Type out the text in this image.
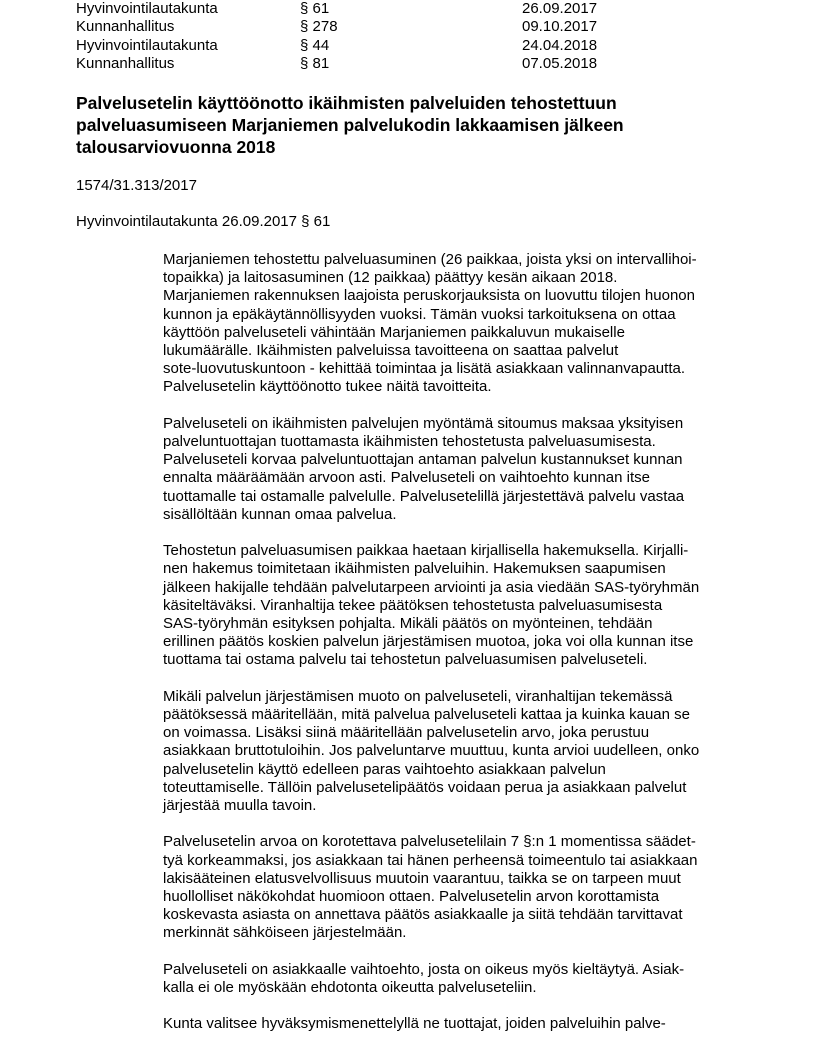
Hyvinvointilautakunta	§ 61	26.09.2017
Kunnanhallitus	§ 278	09.10.2017
Hyvinvointilautakunta	§ 44	24.04.2018
Kunnanhallitus	§ 81	07.05.2018
Palvelusetelin käyttöönotto ikäihmisten palveluiden tehostettuun
palveluasumiseen Marjaniemen palvelukodin lakkaamisen jälkeen
talousarviovuonna 2018
1574/31.313/2017
Hyvinvointilautakunta 26.09.2017 § 61
Marjaniemen tehostettu palveluasuminen (26 paikkaa, joista yksi on intervallihoi-
topaikka) ja laitosasuminen (12 paikkaa) päättyy kesän aikaan 2018.
Marjaniemen rakennuksen laajoista peruskorjauksista on luovuttu tilojen huonon
kunnon ja epäkäytännöllisyyden vuoksi. Tämän vuoksi tarkoituksena on ottaa
käyttöön palveluseteli vähintään Marjaniemen paikkaluvun mukaiselle
lukumäärälle. Ikäihmisten palveluissa tavoitteena on saattaa palvelut
sote-luovutuskuntoon - kehittää toimintaa ja lisätä asiakkaan valinnanvapautta.
Palvelusetelin käyttöönotto tukee näitä tavoitteita.
Palveluseteli on ikäihmisten palvelujen myöntämä sitoumus maksaa yksityisen
palveluntuottajan tuottamasta ikäihmisten tehostetusta palveluasumisesta.
Palveluseteli korvaa palveluntuottajan antaman palvelun kustannukset kunnan
ennalta määräämään arvoon asti. Palveluseteli on vaihtoehto kunnan itse
tuottamalle tai ostamalle palvelulle. Palvelusetelillä järjestettävä palvelu vastaa
sisällöltään kunnan omaa palvelua.
Tehostetun palveluasumisen paikkaa haetaan kirjallisella hakemuksella. Kirjalli-
nen hakemus toimitetaan ikäihmisten palveluihin. Hakemuksen saapumisen
jälkeen hakijalle tehdään palvelutarpeen arviointi ja asia viedään SAS-työryhmän
käsiteltäväksi. Viranhaltija tekee päätöksen tehostetusta palveluasumisesta
SAS-työryhmän esityksen pohjalta. Mikäli päätös on myönteinen, tehdään
erillinen päätös koskien palvelun järjestämisen muotoa, joka voi olla kunnan itse
tuottama tai ostama palvelu tai tehostetun palveluasumisen palveluseteli.
Mikäli palvelun järjestämisen muoto on palveluseteli, viranhaltijan tekemässä
päätöksessä määritellään, mitä palvelua palveluseteli kattaa ja kuinka kauan se
on voimassa. Lisäksi siinä määritellään palvelusetelin arvo, joka perustuu
asiakkaan bruttotuloihin. Jos palveluntarve muuttuu, kunta arvioi uudelleen, onko
palvelusetelin käyttö edelleen paras vaihtoehto asiakkaan palvelun
toteuttamiselle. Tällöin palvelusetelipäätös voidaan perua ja asiakkaan palvelut
järjestää muulla tavoin.
Palvelusetelin arvoa on korotettava palvelusetelilain 7 §:n 1 momentissa säädet-
tyä korkeammaksi, jos asiakkaan tai hänen perheensä toimeentulo tai asiakkaan
lakisääteinen elatusvelvollisuus muutoin vaarantuu, taikka se on tarpeen muut
huollolliset näkökohdat huomioon ottaen. Palvelusetelin arvon korottamista
koskevasta asiasta on annettava päätös asiakkaalle ja siitä tehdään tarvittavat
merkinnät sähköiseen järjestelmään.
Palveluseteli on asiakkaalle vaihtoehto, josta on oikeus myös kieltäytyä. Asiak-
kalla ei ole myöskään ehdotonta oikeutta palveluseteliin.
Kunta valitsee hyväksymismenettelyllä ne tuottajat, joiden palveluihin palve-
